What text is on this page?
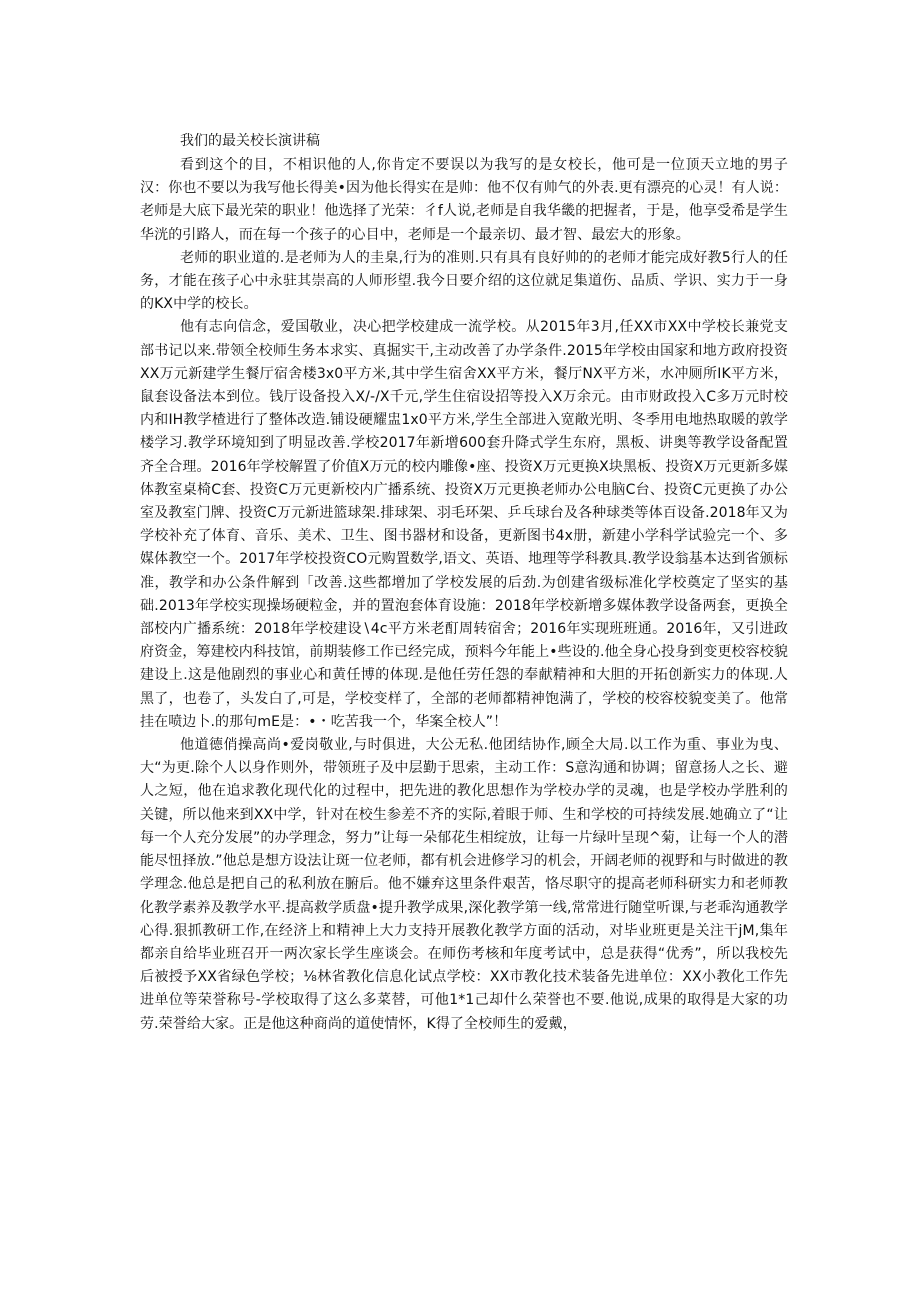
我们的最关校长演讲稿

看到这个的目，不相识他的人,你肯定不要误以为我写的是女校长，他可是一位顶天立地的男子汉：你也不要以为我写他长得美•因为他长得实在是帅：他不仅有帅气的外表.更有漂亮的心灵！有人说：老师是大底下最光荣的职业！他选择了光荣：彳f人说,老师是自我华畿的把握者，于是，他享受希是学生华洸的引路人，而在每一个孩子的心目中，老师是一个最亲切、最才智、最宏大的形象。

老师的职业道的.是老师为人的圭臬,行为的准则.只有具有良好帅的的老师才能完成好教5行人的任务，才能在孩子心中永驻其崇高的人师形望.我今日要介绍的这位就足集道伤、品质、学识、实力于一身的KX中学的校长。

他有志向信念，爱国敬业，决心把学校建成一流学校。从2015年3月,任XX市XX中学校长兼党支部书记以来.带领全校师生务本求实、真掘实干,主动改善了办学条件.2015年学校由国家和地方政府投资XX万元新建学生餐厅宿舍楼3x0平方米,其中学生宿舍XX平方米，餐厅NX平方米，水冲厕所IK平方米，鼠套设备法本到位。钱厅设备投入X/-/X千元,学生住宿设招等投入X万余元。由市财政投入C多万元时校内和IH教学楂进行了整体改造.铺设硬耀盅1x0平方米,学生全部进入宽敞光明、冬季用电地热取暖的敦学楼学习.教学环境知到了明显改善.学校2017年新增600套升降式学生东府，黑板、讲奥等教学设备配置齐全合理。2016年学校解置了价值X万元的校内雕像•座、投资X万元更换X块黑板、投资X万元更新多媒体教室桌椅C套、投资C万元更新校内广播系统、投资X万元更换老师办公电脑C台、投资C元更换了办公室及教室门牌、投资C万元新进篮球架.排球架、羽毛环架、乒乓球台及各种球类等体百设备.2018年又为学校补充了体育、音乐、美术、卫生、图书器材和设备，更新图书4x册，新建小学科学试验完一个、多媒体教空一个。2017年学校投资CO元购置数学,语文、英语、地理等学科教具.教学设翁基本达到省颁标准，教学和办公条件解到「改善.这些都增加了学校发展的后劲.为创建省级标准化学校奠定了坚实的基础.2013年学校实现操场硬粒金，并的置泡套体育设施：2018年学校新增多媒体教学设备两套，更换全部校内广播系统：2018年学校建设∖4c平方米老酊周转宿舍；2016年实现班班通。2016年，又引进政府资金，筹建校内科技馆，前期装修工作已经完成，预料今年能上•些设的.他全身心投身到变更校容校貌建设上.这是他剧烈的事业心和黄任博的体现.是他任劳任怨的奉献精神和大胆的开拓创新实力的体现.人黑了，也卷了，头发白了,可是，学校变样了，全部的老师都精神饱满了，学校的校容校貌变美了。他常挂在喷边卜.的那句mE是：•・吃苦我一个，华案全校人”！

他道德俏操高尚•爱岗敬业,与时俱进，大公无私.他团结协作,顾全大局.以工作为重、事业为曳、大“为更.除个人以身作则外，带领班子及中层勤于思索，主动工作：S意沟通和协调；留意扬人之长、避人之短，他在追求教化现代化的过程中，把先进的教化思想作为学校办学的灵魂，也是学校办学胜利的关键，所以他来到XX中学，针对在校生参差不齐的实际,着眼于师、生和学校的可持续发展.她确立了“让每一个人充分发展”的办学理念，努力”让每一朵郁花生相绽放，让每一片绿叶呈现^菊，让每一个人的潜能尽忸择放.”他总是想方设法让斑一位老师，都有机会进修学习的机会，开阔老师的视野和与时做进的教学理念.他总是把自己的私利放在腑后。他不嫌弃这里条件艰苦，恪尽职守的提高老师科研实力和老师教化教学素养及教学水平.提高救学质盘•提升教学成果,深化教学第一线,常常进行随堂听课,与老乖沟通教学心得.狠抓教研工作,在经济上和精神上大力支持开展教化教学方面的活动，对毕业班更是关注干jM,集年都亲自给毕业班召开一两次家长学生座谈会。在师伤考核和年度考试中，总是获得“优秀”，所以我校先后被授予XX省绿色学校；⅛林省教化信息化试点学校：XX市教化技术装备先进单位：XX小教化工作先进单位等荣誉称号-学校取得了这么多菜替，可他1*1己却什么荣誉也不要.他说,成果的取得是大家的功劳.荣誉给大家。正是他这种商尚的道使情怀，K得了全校师生的爱戴，
